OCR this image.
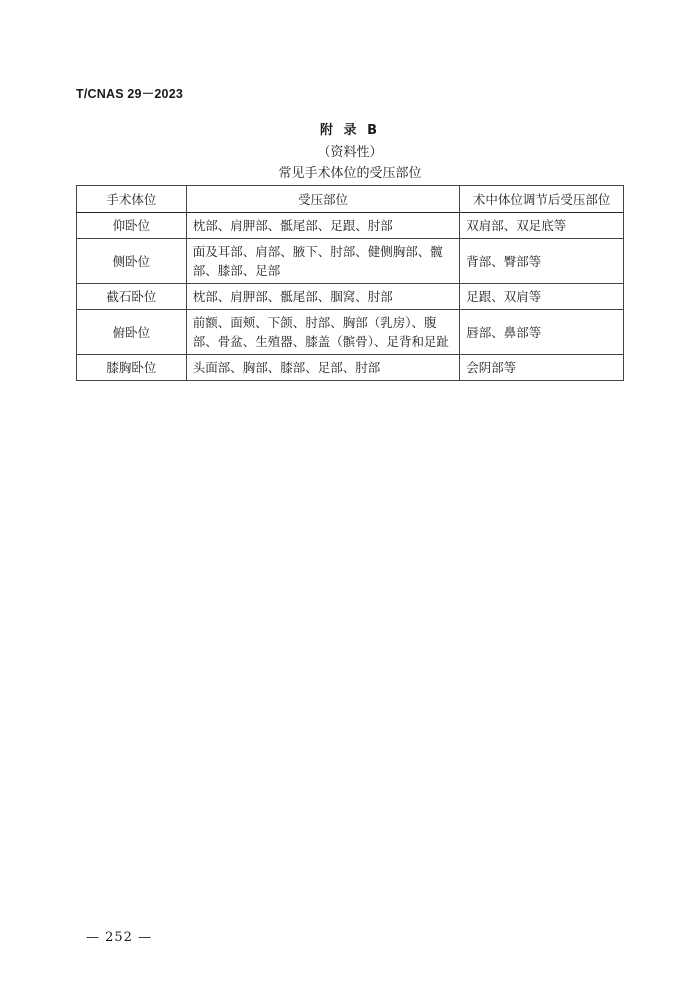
T/CNAS 29－2023
附 录 B
（资料性）
常见手术体位的受压部位
手术体位	受压部位	术中体位调节后受压部位
仰卧位	枕部、肩胛部、骶尾部、足跟、肘部	双肩部、双足底等
侧卧位	面及耳部、肩部、腋下、肘部、健侧胸部、髋部、膝部、足部	背部、臀部等
截石卧位	枕部、肩胛部、骶尾部、腘窝、肘部	足跟、双肩等
俯卧位	前额、面颊、下颌、肘部、胸部（乳房）、腹部、骨盆、生殖器、膝盖（髌骨）、足背和足趾	唇部、鼻部等
膝胸卧位	头面部、胸部、膝部、足部、肘部	会阴部等
— 252 —
